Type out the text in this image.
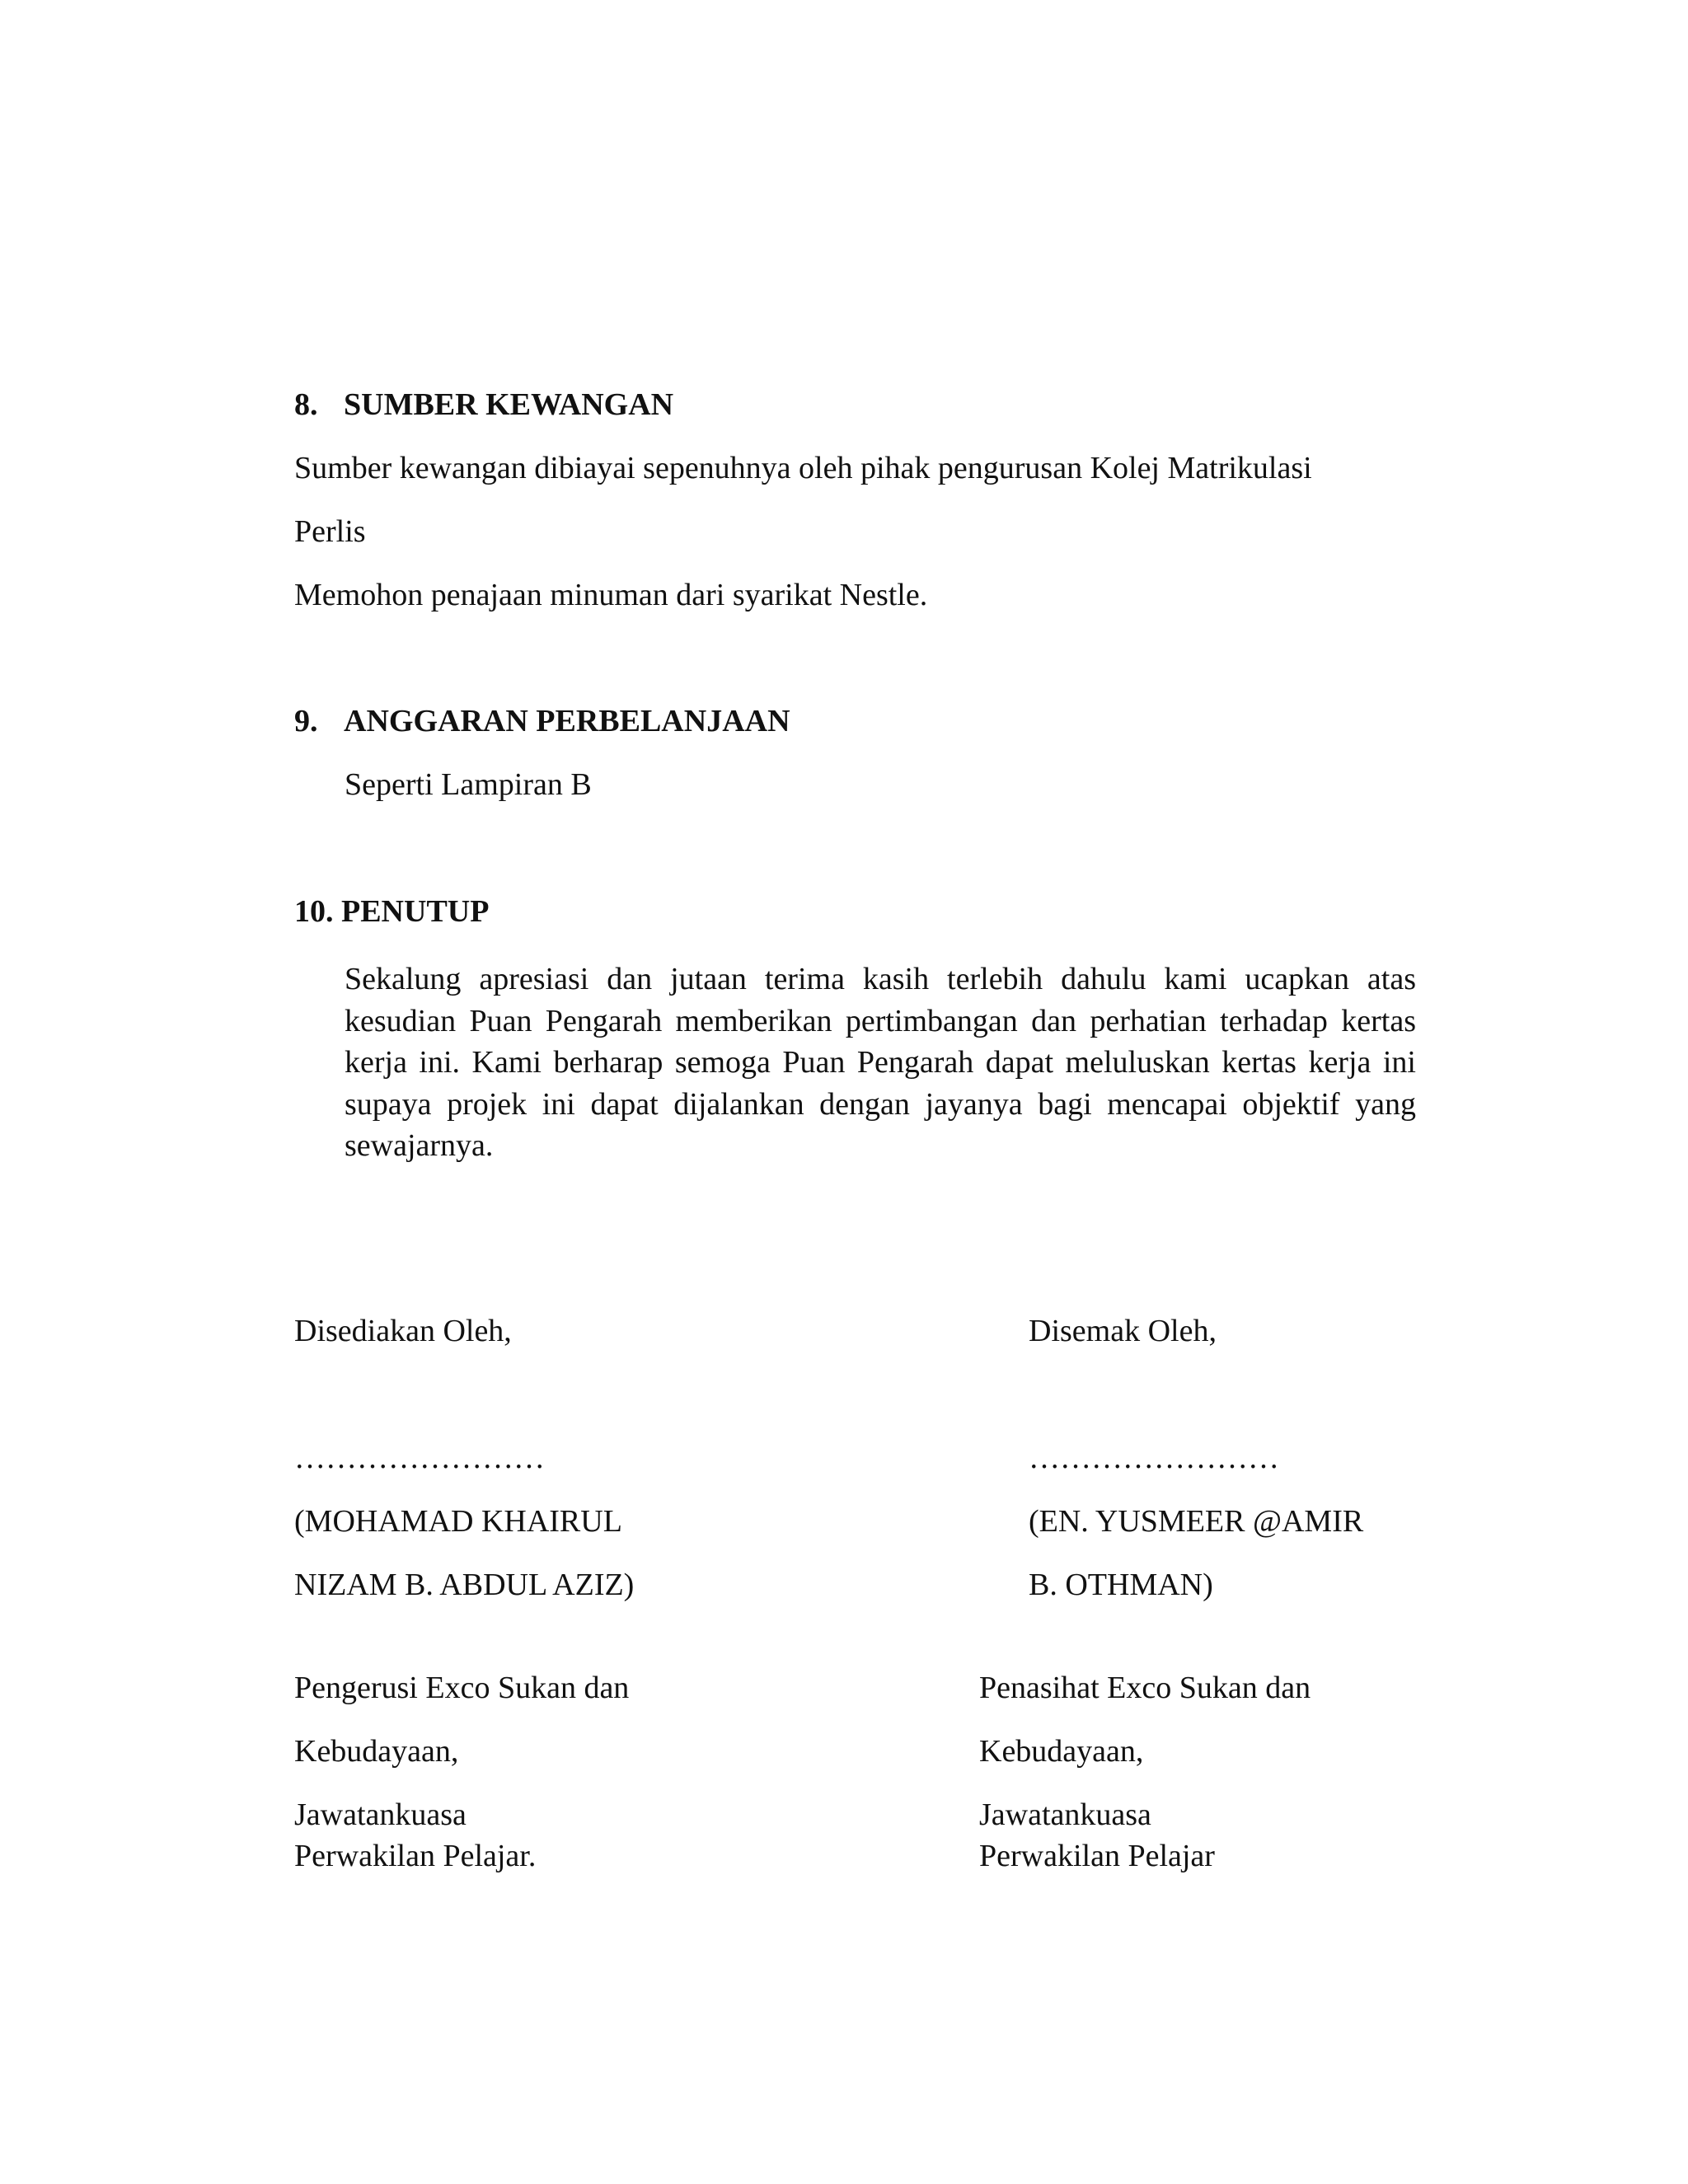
8. SUMBER KEWANGAN
Sumber kewangan dibiayai sepenuhnya oleh pihak pengurusan Kolej Matrikulasi
Perlis
Memohon penajaan minuman dari syarikat Nestle.
9. ANGGARAN PERBELANJAAN
Seperti Lampiran B
10. PENUTUP
Sekalung apresiasi dan jutaan terima kasih terlebih dahulu kami ucapkan atas kesudian Puan Pengarah memberikan pertimbangan dan perhatian terhadap kertas kerja ini. Kami berharap semoga Puan Pengarah dapat meluluskan kertas kerja ini supaya projek ini dapat dijalankan dengan jayanya bagi mencapai objektif yang sewajarnya.
Disediakan Oleh,
……………………
(MOHAMAD KHAIRUL
NIZAM B. ABDUL AZIZ)
Pengerusi Exco Sukan dan
Kebudayaan,
Jawatankuasa
Perwakilan Pelajar.
Disemak Oleh,
……………………
(EN. YUSMEER @AMIR
B. OTHMAN)
Penasihat Exco Sukan dan
Kebudayaan,
Jawatankuasa
Perwakilan Pelajar
